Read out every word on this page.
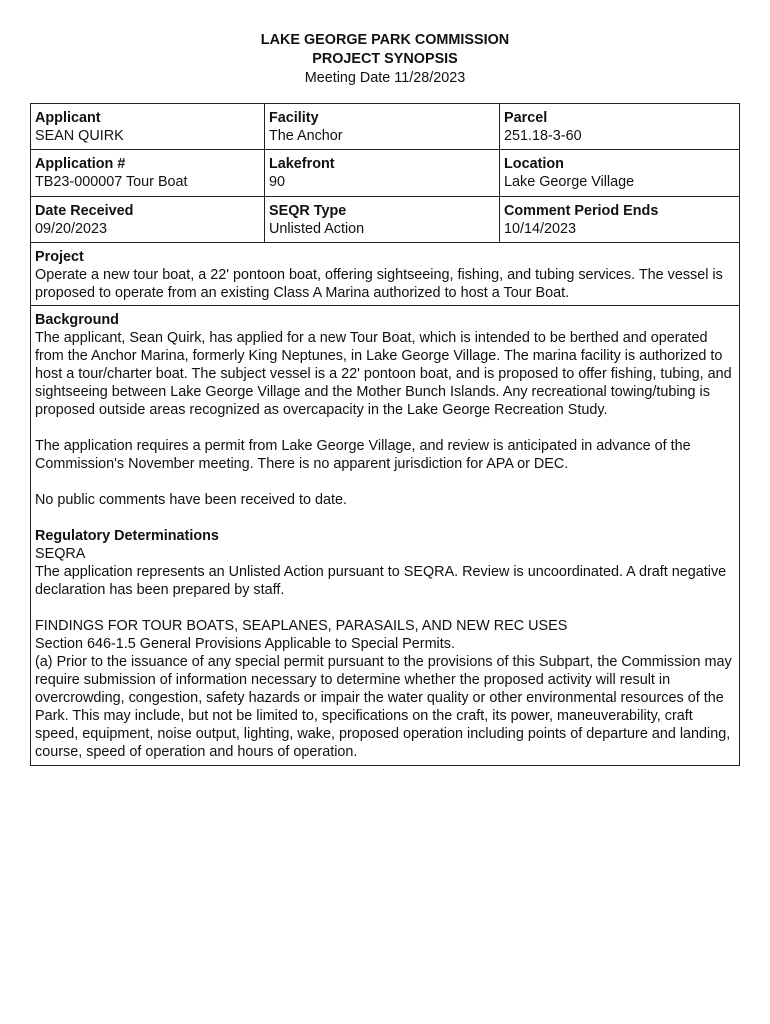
LAKE GEORGE PARK COMMISSION
PROJECT SYNOPSIS
Meeting Date 11/28/2023
Applicant
SEAN QUIRK
Facility
The Anchor
Parcel
251.18-3-60
Application #
TB23-000007 Tour Boat
Lakefront
90
Location
Lake George Village
Date Received
09/20/2023
SEQR Type
Unlisted Action
Comment Period Ends
10/14/2023
Project

Operate a new tour boat, a 22' pontoon boat, offering sightseeing, fishing, and tubing services. The vessel is proposed to operate from an existing Class A Marina authorized to host a Tour Boat.

Background

The applicant, Sean Quirk, has applied for a new Tour Boat, which is intended to be berthed and operated from the Anchor Marina, formerly King Neptunes, in Lake George Village. The marina facility is authorized to host a tour/charter boat. The subject vessel is a 22' pontoon boat, and is proposed to offer fishing, tubing, and sightseeing between Lake George Village and the Mother Bunch Islands. Any recreational towing/tubing is proposed outside areas recognized as overcapacity in the Lake George Recreation Study.

The application requires a permit from Lake George Village, and review is anticipated in advance of the Commission's November meeting. There is no apparent jurisdiction for APA or DEC.

No public comments have been received to date.

Regulatory Determinations

SEQRA

The application represents an Unlisted Action pursuant to SEQRA. Review is uncoordinated. A draft negative declaration has been prepared by staff.

FINDINGS FOR TOUR BOATS, SEAPLANES, PARASAILS, AND NEW REC USES

Section 646-1.5 General Provisions Applicable to Special Permits.

(a) Prior to the issuance of any special permit pursuant to the provisions of this Subpart, the Commission may require submission of information necessary to determine whether the proposed activity will result in overcrowding, congestion, safety hazards or impair the water quality or other environmental resources of the Park. This may include, but not be limited to, specifications on the craft, its power, maneuverability, craft speed, equipment, noise output, lighting, wake, proposed operation including points of departure and landing, course, speed of operation and hours of operation.
